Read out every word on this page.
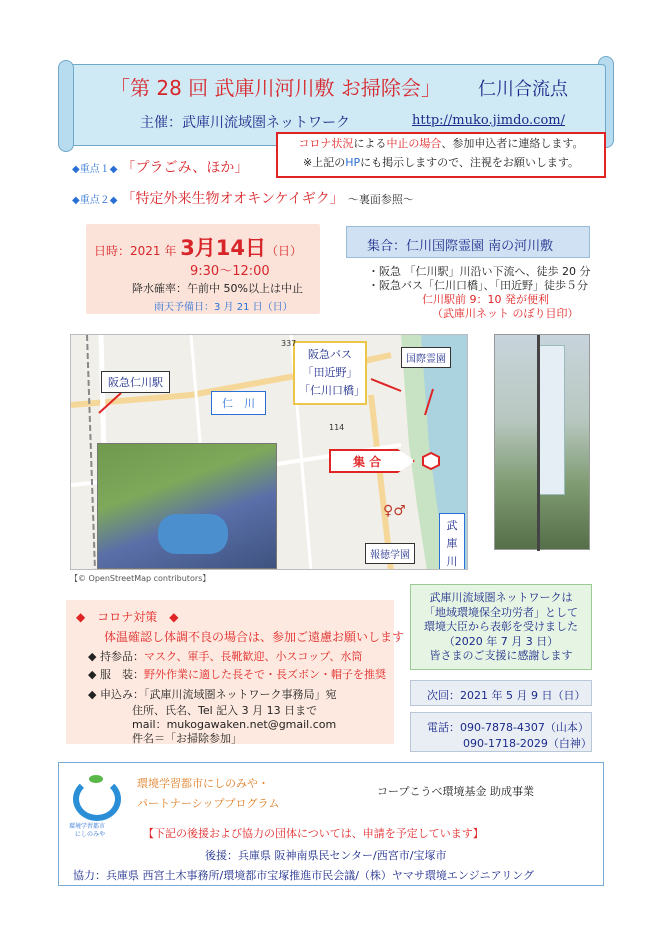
「第 28 回 武庫川河川敷 お掃除会」 仁川合流点
主催：武庫川流域圏ネットワーク	http://muko.jimdo.com/
コロナ状況による中止の場合、参加申込者に連絡します。
※上記のHPにも掲示しますので、注視をお願いします。
◆重点１◆ 「プラごみ、ほか」
◆重点２◆ 「特定外来生物オオキンケイギク」 ～裏面参照～
日時：2021 年 3月14日（日）
9:30～12:00
降水確率：午前中 50%以上は中止
雨天予備日：3 月 21 日（日）
集合：仁川国際霊園 南の河川敷
・阪急 「仁川駅」川沿い下流へ、徒歩 20 分
・阪急バス「仁川口橋」、「田近野」徒歩５分
仁川駅前 9：10 発が便利
（武庫川ネット のぼり目印）
阪急仁川駅
仁　川
阪急バス
「田近野」
「仁川口橋」
国際霊園
114
337
集 合
♀♂
報徳学園
武
庫
川
【© OpenStreetMap contributors】
武庫川流域圏ネットワークは
「地域環境保全功労者」として
環境大臣から表彰を受けました
（2020 年 7 月 3 日）
皆さまのご支援に感謝します
◆　コロナ対策　◆
体温確認し体調不良の場合は、参加ご遠慮お願いします
◆ 持参品：マスク、軍手、長靴歓迎、小スコップ、水筒
◆ 服　装：野外作業に適した長そで・長ズボン・帽子を推奨
◆ 申込み：「武庫川流域圏ネットワーク事務局」宛
住所、氏名、Tel 記入 3 月 13 日まで
mail：mukogawaken.net@gmail.com
件名＝「お掃除参加」
次回：2021 年 5 月 9 日（日）
電話：090-7878-4307（山本）
090-1718-2029（白神）
環境学習都市
にしのみや
環境学習都市にしのみや・
パートナーシッププログラム
コープこうべ環境基金 助成事業
【下記の後援および協力の団体については、申請を予定しています】
後援：兵庫県 阪神南県民センター/西宮市/宝塚市
協力：兵庫県 西宮土木事務所/環境都市宝塚推進市民会議/（株）ヤマサ環境エンジニアリング
